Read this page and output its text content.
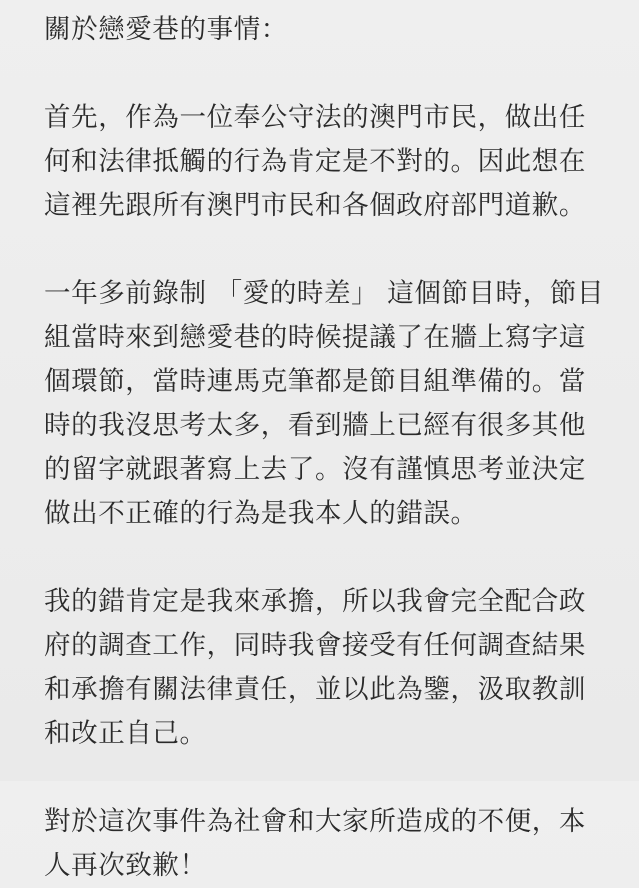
關於戀愛巷的事情：

首先，作為一位奉公守法的澳門市民，做出任

何和法律抵觸的行為肯定是不對的。因此想在

這裡先跟所有澳門市民和各個政府部門道歉。

一年多前錄制 「愛的時差」 這個節目時，節目

組當時來到戀愛巷的時候提議了在牆上寫字這

個環節，當時連馬克筆都是節目組準備的。當

時的我沒思考太多，看到牆上已經有很多其他

的留字就跟著寫上去了。沒有謹慎思考並決定

做出不正確的行為是我本人的錯誤。

我的錯肯定是我來承擔，所以我會完全配合政

府的調查工作，同時我會接受有任何調查結果

和承擔有關法律責任，並以此為鑒，汲取教訓

和改正自己。

對於這次事件為社會和大家所造成的不便，本

人再次致歉！
